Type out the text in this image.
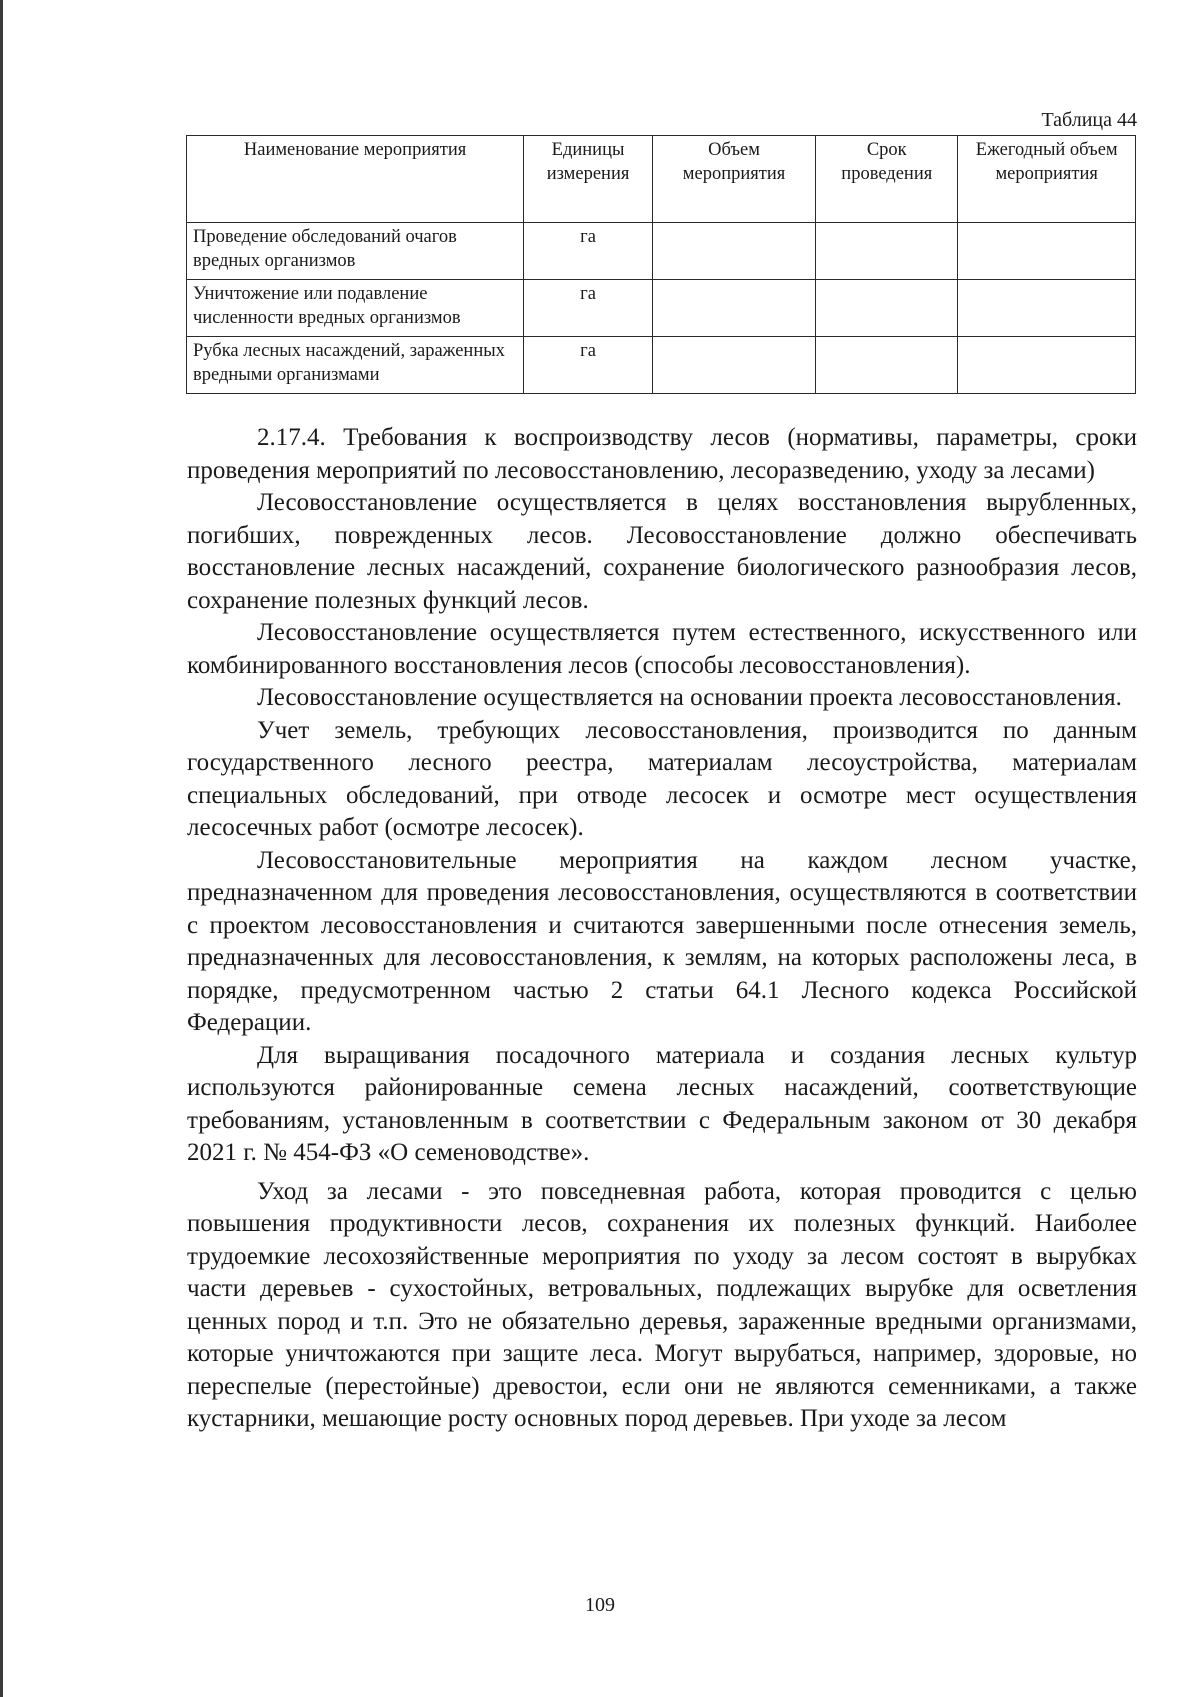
Таблица 44
Наименование мероприятия	Единицы измерения	Объем мероприятия	Срок проведения	Ежегодный объем мероприятия
Проведение обследований очагов вредных организмов	га			
Уничтожение или подавление численности вредных организмов	га			
Рубка лесных насаждений, зараженных вредными организмами	га			

2.17.4. Требования к воспроизводству лесов (нормативы, параметры, сроки проведения мероприятий по лесовосстановлению, лесоразведению, уходу за лесами)

Лесовосстановление осуществляется в целях восстановления вырубленных, погибших, поврежденных лесов. Лесовосстановление должно обеспечивать восстановление лесных насаждений, сохранение биологического разнообразия лесов, сохранение полезных функций лесов.

Лесовосстановление осуществляется путем естественного, искусственного или комбинированного восстановления лесов (способы лесовосстановления).

Лесовосстановление осуществляется на основании проекта лесовосстановления.

Учет земель, требующих лесовосстановления, производится по данным государственного лесного реестра, материалам лесоустройства, материалам специальных обследований, при отводе лесосек и осмотре мест осуществления лесосечных работ (осмотре лесосек).

Лесовосстановительные мероприятия на каждом лесном участке, предназначенном для проведения лесовосстановления, осуществляются в соответствии с проектом лесовосстановления и считаются завершенными после отнесения земель, предназначенных для лесовосстановления, к землям, на которых расположены леса, в порядке, предусмотренном частью 2 статьи 64.1 Лесного кодекса Российской Федерации.

Для выращивания посадочного материала и создания лесных культур используются районированные семена лесных насаждений, соответствующие требованиям, установленным в соответствии с Федеральным законом от 30 декабря 2021 г. № 454-ФЗ «О семеноводстве».

Уход за лесами - это повседневная работа, которая проводится с целью повышения продуктивности лесов, сохранения их полезных функций. Наиболее трудоемкие лесохозяйственные мероприятия по уходу за лесом состоят в вырубках части деревьев - сухостойных, ветровальных, подлежащих вырубке для осветления ценных пород и т.п. Это не обязательно деревья, зараженные вредными организмами, которые уничтожаются при защите леса. Могут вырубаться, например, здоровые, но переспелые (перестойные) древостои, если они не являются семенниками, а также кустарники, мешающие росту основных пород деревьев. При уходе за лесом

109
